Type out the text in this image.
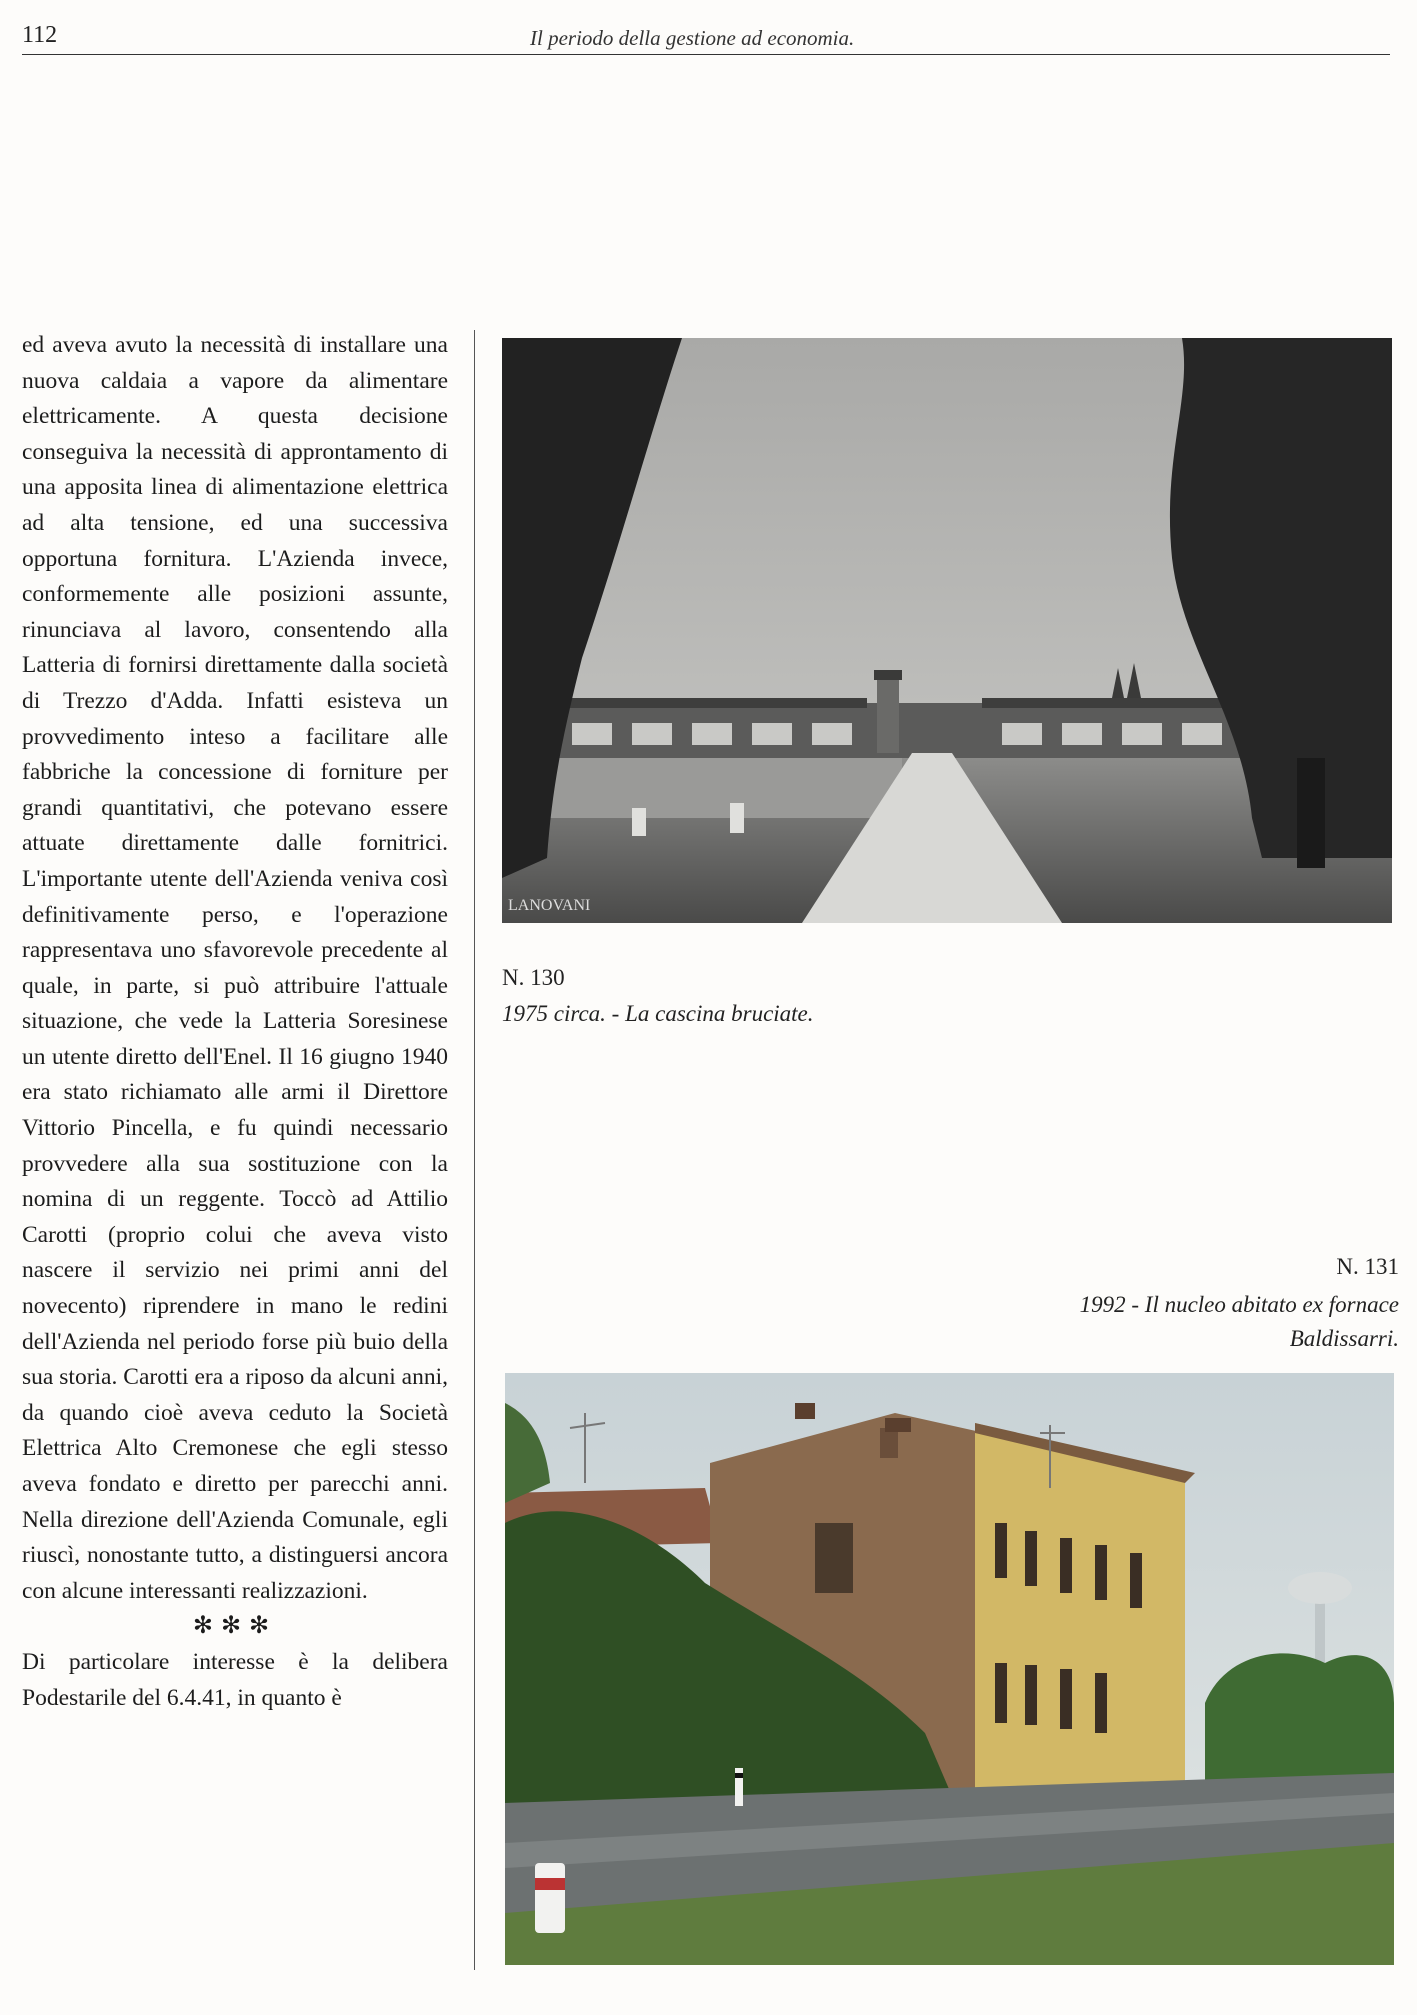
112	Il periodo della gestione ad economia.

ed aveva avuto la necessità di installare una nuova caldaia a vapore da alimentare elettricamente. A questa decisione conseguiva la necessità di approntamento di una apposita linea di alimentazione elettrica ad alta tensione, ed una successiva opportuna fornitura. L'Azienda invece, conformemente alle posizioni assunte, rinunciava al lavoro, consentendo alla Latteria di fornirsi direttamente dalla società di Trezzo d'Adda. Infatti esisteva un provvedimento inteso a facilitare alle fabbriche la concessione di forniture per grandi quantitativi, che potevano essere attuate direttamente dalle fornitrici. L'importante utente dell'Azienda veniva così definitivamente perso, e l'operazione rappresentava uno sfavorevole precedente al quale, in parte, si può attribuire l'attuale situazione, che vede la Latteria Soresinese un utente diretto dell'Enel. Il 16 giugno 1940 era stato richiamato alle armi il Direttore Vittorio Pincella, e fu quindi necessario provvedere alla sua sostituzione con la nomina di un reggente. Toccò ad Attilio Carotti (proprio colui che aveva visto nascere il servizio nei primi anni del novecento) riprendere in mano le redini dell'Azienda nel periodo forse più buio della sua storia. Carotti era a riposo da alcuni anni, da quando cioè aveva ceduto la Società Elettrica Alto Cremonese che egli stesso aveva fondato e diretto per parecchi anni. Nella direzione dell'Azienda Comunale, egli riuscì, nonostante tutto, a distinguersi ancora con alcune interessanti realizzazioni.

✻✻✻

Di particolare interesse è la delibera Podestarile del 6.4.41, in quanto è

LANOVANI
N. 130
1975 circa. - La cascina bruciate.
N. 131
1992 - Il nucleo abitato ex fornace
Baldissarri.
